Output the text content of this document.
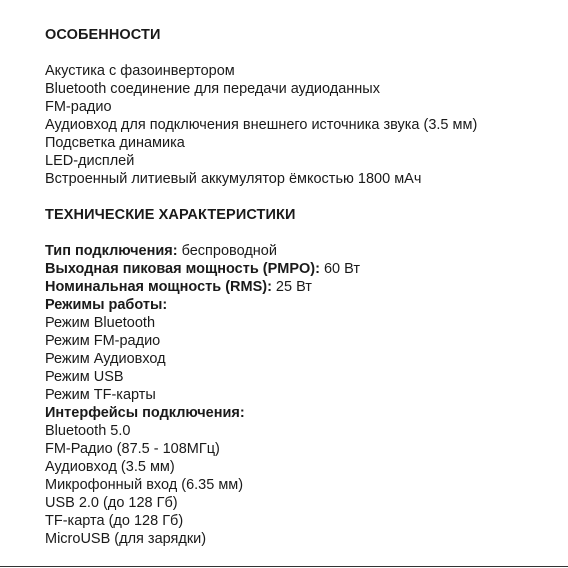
ОСОБЕННОСТИ
Акустика с фазоинвертором
Bluetooth соединение для передачи аудиоданных
FM-радио
Аудиовход для подключения внешнего источника звука (3.5 мм)
Подсветка динамика
LED-дисплей
Встроенный литиевый аккумулятор ёмкостью 1800 мАч
ТЕХНИЧЕСКИЕ ХАРАКТЕРИСТИКИ
Тип подключения: беспроводной
Выходная пиковая мощность (PMPO): 60 Вт
Номинальная мощность (RMS): 25 Вт
Режимы работы:
Режим Bluetooth
Режим FM-радио
Режим Аудиовход
Режим USB
Режим TF-карты
Интерфейсы подключения:
Bluetooth 5.0
FM-Радио (87.5 - 108МГц)
Аудиовход (3.5 мм)
Микрофонный вход (6.35 мм)
USB 2.0 (до 128 Гб)
TF-карта (до 128 Гб)
MicroUSB (для зарядки)
